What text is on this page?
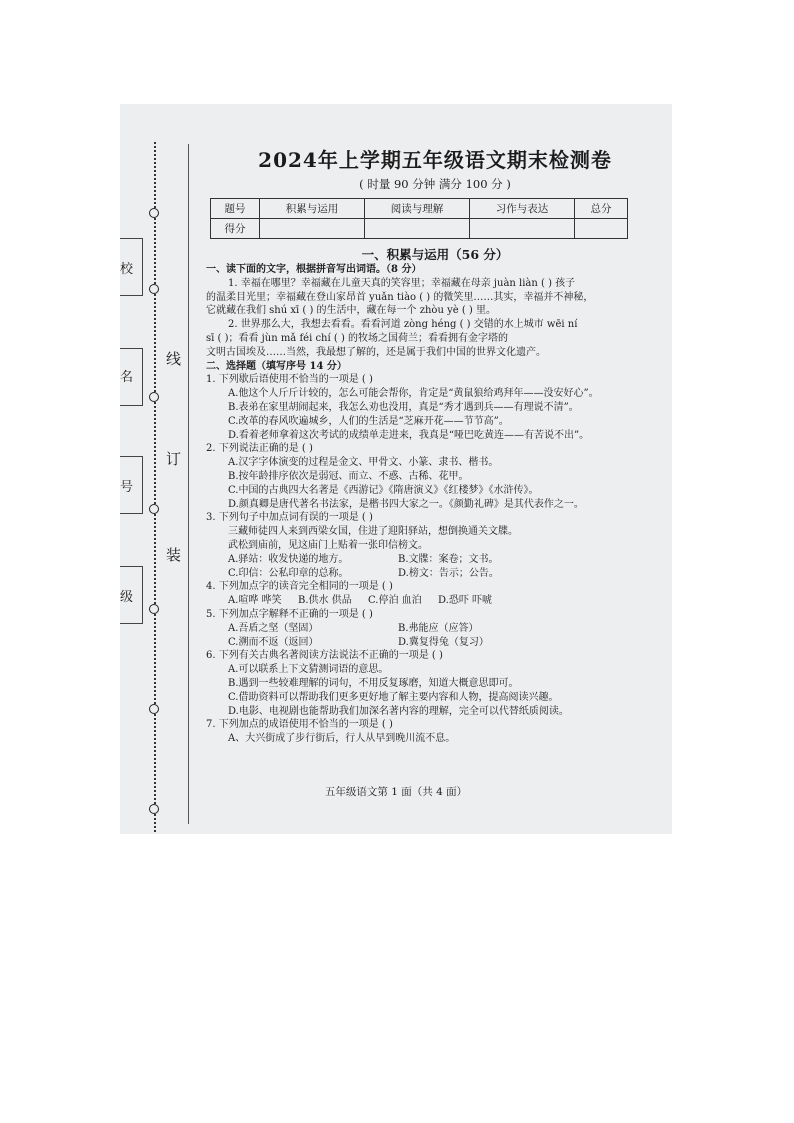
校
名
号
级
线
订
装
2024年上学期五年级语文期末检测卷
( 时量 90 分钟 满分 100 分 )
题号	积累与运用	阅读与理解	习作与表达	总分
得分				
一、积累与运用（56 分）
一、读下面的文字，根据拼音写出词语。（8 分）
1. 幸福在哪里？幸福藏在儿童天真的笑容里；幸福藏在母亲 juàn liàn ( ) 孩子
的温柔目光里；幸福藏在登山家昂首 yuǎn tiào ( ) 的微笑里……其实，幸福并不神秘，
它就藏在我们 shú xī ( ) 的生活中，藏在每一个 zhòu yè ( ) 里。
2. 世界那么大，我想去看看。看看河道 zòng héng ( ) 交错的水上城市 wēi ní
sī ( )；看看 jùn mǎ féi chí ( ) 的牧场之国荷兰；看看拥有金字塔的
文明古国埃及……当然，我最想了解的，还是属于我们中国的世界文化遗产。
二、选择题（填写序号 14 分）
1. 下列歇后语使用不恰当的一项是 ( )
A.他这个人斤斤计较的，怎么可能会帮你，肯定是“黄鼠狼给鸡拜年——没安好心”。
B.表弟在家里胡闹起来，我怎么劝也没用，真是“秀才遇到兵——有理说不清”。
C.改革的春风吹遍城乡，人们的生活是“芝麻开花——节节高”。
D.看着老师拿着这次考试的成绩单走进来，我真是“哑巴吃黄连——有苦说不出”。
2. 下列说法正确的是 ( )
A.汉字字体演变的过程是金文、甲骨文、小篆、隶书、楷书。
B.按年龄排序依次是弱冠、而立、不惑、古稀、花甲。
C.中国的古典四大名著是《西游记》《隋唐演义》《红楼梦》《水浒传》。
D.颜真卿是唐代著名书法家，是楷书四大家之一。《颜勤礼碑》是其代表作之一。
3. 下列句子中加点词有误的一项是 ( )
三藏师徒四人来到西梁女国，住进了迎阳驿站，想倒换通关文牒。
武松到庙前，见这庙门上贴着一张印信榜文。
A.驿站：收发快递的地方。	B.文牒：案卷；文书。
C.印信：公私印章的总称。	D.榜文：告示；公告。
4. 下列加点字的读音完全相同的一项是 ( )
A.喧哗 哗笑	B.供水 供品	C.停泊 血泊	D.恐吓 吓唬
5. 下列加点字解释不正确的一项是 ( )
A.吾盾之坚（坚固）	B.弗能应（应答）
C.溯而不返（返回）	D.冀复得兔（复习）
6. 下列有关古典名著阅读方法说法不正确的一项是 ( )
A.可以联系上下文猜测词语的意思。
B.遇到一些较难理解的词句，不用反复琢磨，知道大概意思即可。
C.借助资料可以帮助我们更多更好地了解主要内容和人物，提高阅读兴趣。
D.电影、电视剧也能帮助我们加深名著内容的理解，完全可以代替纸质阅读。
7. 下列加点的成语使用不恰当的一项是 ( )
A、大兴街成了步行街后，行人从早到晚川流不息。
五年级语文第 1 面（共 4 面）
